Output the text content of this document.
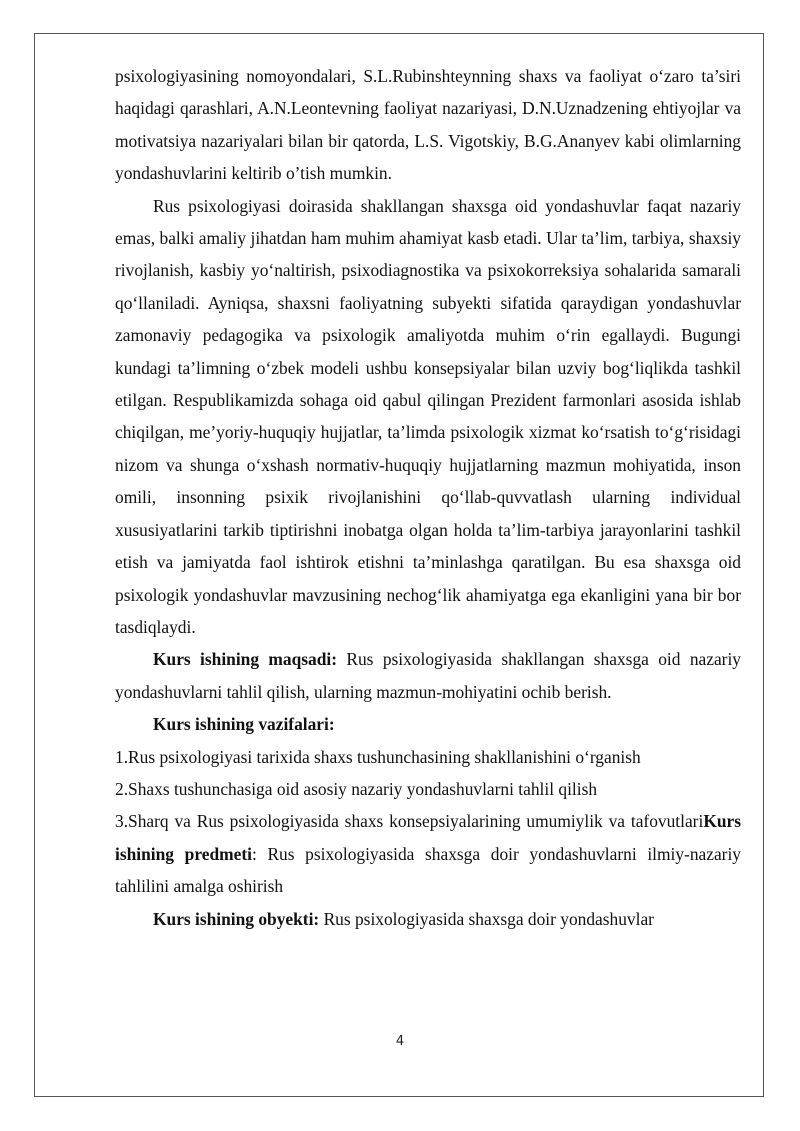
psixologiyasining nomoyondalari, S.L.Rubinshteynning shaxs va faoliyat o‘zaro ta’siri haqidagi qarashlari, A.N.Leontevning faoliyat nazariyasi, D.N.Uznadzening ehtiyojlar va motivatsiya nazariyalari bilan bir qatorda, L.S. Vigotskiy, B.G.Ananyev kabi olimlarning yondashuvlarini keltirib o’tish mumkin.

Rus psixologiyasi doirasida shakllangan shaxsga oid yondashuvlar faqat nazariy emas, balki amaliy jihatdan ham muhim ahamiyat kasb etadi. Ular ta’lim, tarbiya, shaxsiy rivojlanish, kasbiy yo‘naltirish, psixodiagnostika va psixokorreksiya sohalarida samarali qo‘llaniladi. Ayniqsa, shaxsni faoliyatning subyekti sifatida qaraydigan yondashuvlar zamonaviy pedagogika va psixologik amaliyotda muhim o‘rin egallaydi. Bugungi kundagi ta’limning o‘zbek modeli ushbu konsepsiyalar bilan uzviy bog‘liqlikda tashkil etilgan. Respublikamizda sohaga oid qabul qilingan Prezident farmonlari asosida ishlab chiqilgan, me’yoriy-huquqiy hujjatlar, ta’limda psixologik xizmat ko‘rsatish to‘g‘risidagi nizom va shunga o‘xshash normativ-huquqiy hujjatlarning mazmun mohiyatida, inson omili, insonning psixik rivojlanishini qo‘llab-quvvatlash ularning individual xususiyatlarini tarkib tiptirishni inobatga olgan holda ta’lim-tarbiya jarayonlarini tashkil etish va jamiyatda faol ishtirok etishni ta’minlashga qaratilgan. Bu esa shaxsga oid psixologik yondashuvlar mavzusining nechog‘lik ahamiyatga ega ekanligini yana bir bor tasdiqlaydi.

Kurs ishining maqsadi: Rus psixologiyasida shakllangan shaxsga oid nazariy yondashuvlarni tahlil qilish, ularning mazmun-mohiyatini ochib berish.

Kurs ishining vazifalari:

1.Rus psixologiyasi tarixida shaxs tushunchasining shakllanishini o‘rganish

2.Shaxs tushunchasiga oid asosiy nazariy yondashuvlarni tahlil qilish

3.Sharq va Rus psixologiyasida shaxs konsepsiyalarining umumiylik va tafovutlariKurs ishining predmeti: Rus psixologiyasida shaxsga doir yondashuvlarni ilmiy-nazariy tahlilini amalga oshirish

Kurs ishining obyekti: Rus psixologiyasida shaxsga doir yondashuvlar

4
